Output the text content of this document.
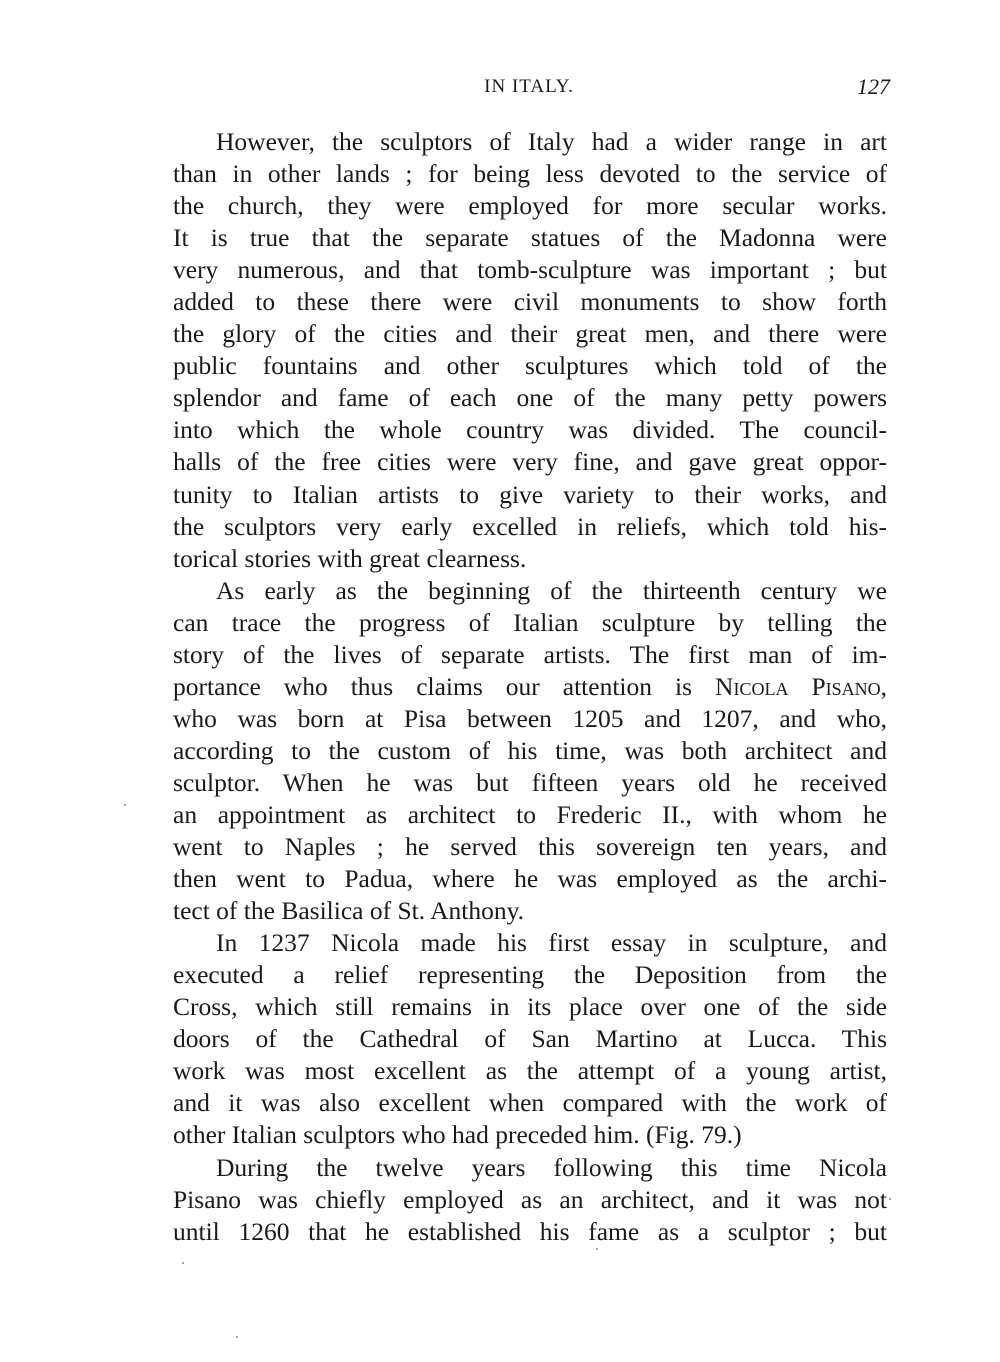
IN ITALY.	127
However, the sculptors of Italy had a wider range in art
than in other lands ; for being less devoted to the service of
the church, they were employed for more secular works.
It is true that the separate statues of the Madonna were
very numerous, and that tomb-sculpture was important ; but
added to these there were civil monuments to show forth
the glory of the cities and their great men, and there were
public fountains and other sculptures which told of the
splendor and fame of each one of the many petty powers
into which the whole country was divided. The council-
halls of the free cities were very fine, and gave great oppor-
tunity to Italian artists to give variety to their works, and
the sculptors very early excelled in reliefs, which told his-
torical stories with great clearness.
As early as the beginning of the thirteenth century we
can trace the progress of Italian sculpture by telling the
story of the lives of separate artists. The first man of im-
portance who thus claims our attention is Nicola Pisano,
who was born at Pisa between 1205 and 1207, and who,
according to the custom of his time, was both architect and
sculptor. When he was but fifteen years old he received
an appointment as architect to Frederic II., with whom he
went to Naples ; he served this sovereign ten years, and
then went to Padua, where he was employed as the archi-
tect of the Basilica of St. Anthony.
In 1237 Nicola made his first essay in sculpture, and
executed a relief representing the Deposition from the
Cross, which still remains in its place over one of the side
doors of the Cathedral of San Martino at Lucca. This
work was most excellent as the attempt of a young artist,
and it was also excellent when compared with the work of
other Italian sculptors who had preceded him. (Fig. 79.)
During the twelve years following this time Nicola
Pisano was chiefly employed as an architect, and it was not
until 1260 that he established his fame as a sculptor ; but
